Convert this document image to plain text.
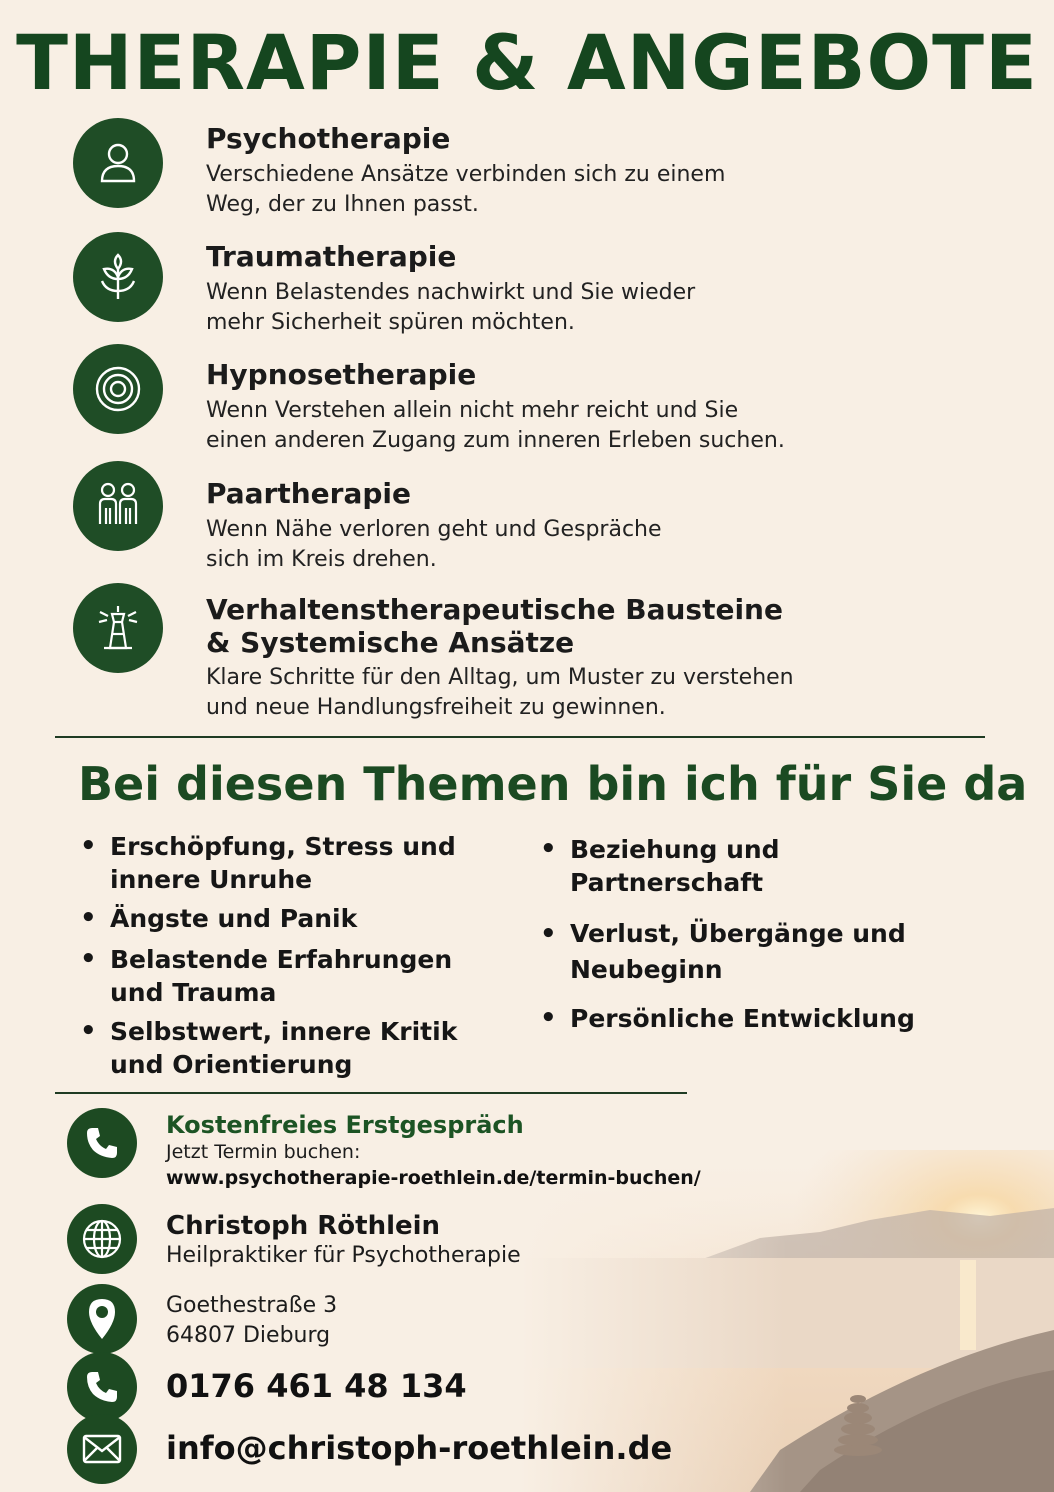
THERAPIE & ANGEBOTE
Psychotherapie
Verschiedene Ansätze verbinden sich zu einem
Weg, der zu Ihnen passt.
Traumatherapie
Wenn Belastendes nachwirkt und Sie wieder
mehr Sicherheit spüren möchten.
Hypnosetherapie
Wenn Verstehen allein nicht mehr reicht und Sie
einen anderen Zugang zum inneren Erleben suchen.
Paartherapie
Wenn Nähe verloren geht und Gespräche
sich im Kreis drehen.
Verhaltenstherapeutische Bausteine
& Systemische Ansätze
Klare Schritte für den Alltag, um Muster zu verstehen
und neue Handlungsfreiheit zu gewinnen.
Bei diesen Themen bin ich für Sie da
• Erschöpfung, Stress und
innere Unruhe
• Ängste und Panik
• Belastende Erfahrungen
und Trauma
• Selbstwert, innere Kritik
und Orientierung
• Beziehung und Partnerschaft
• Verlust, Übergänge und
Neubeginn
• Persönliche Entwicklung
Kostenfreies Erstgespräch
Jetzt Termin buchen:
www.psychotherapie-roethlein.de/termin-buchen/
Christoph Röthlein
Heilpraktiker für Psychotherapie
Goethestraße 3
64807 Dieburg
0176 461 48 134
info@christoph-roethlein.de
